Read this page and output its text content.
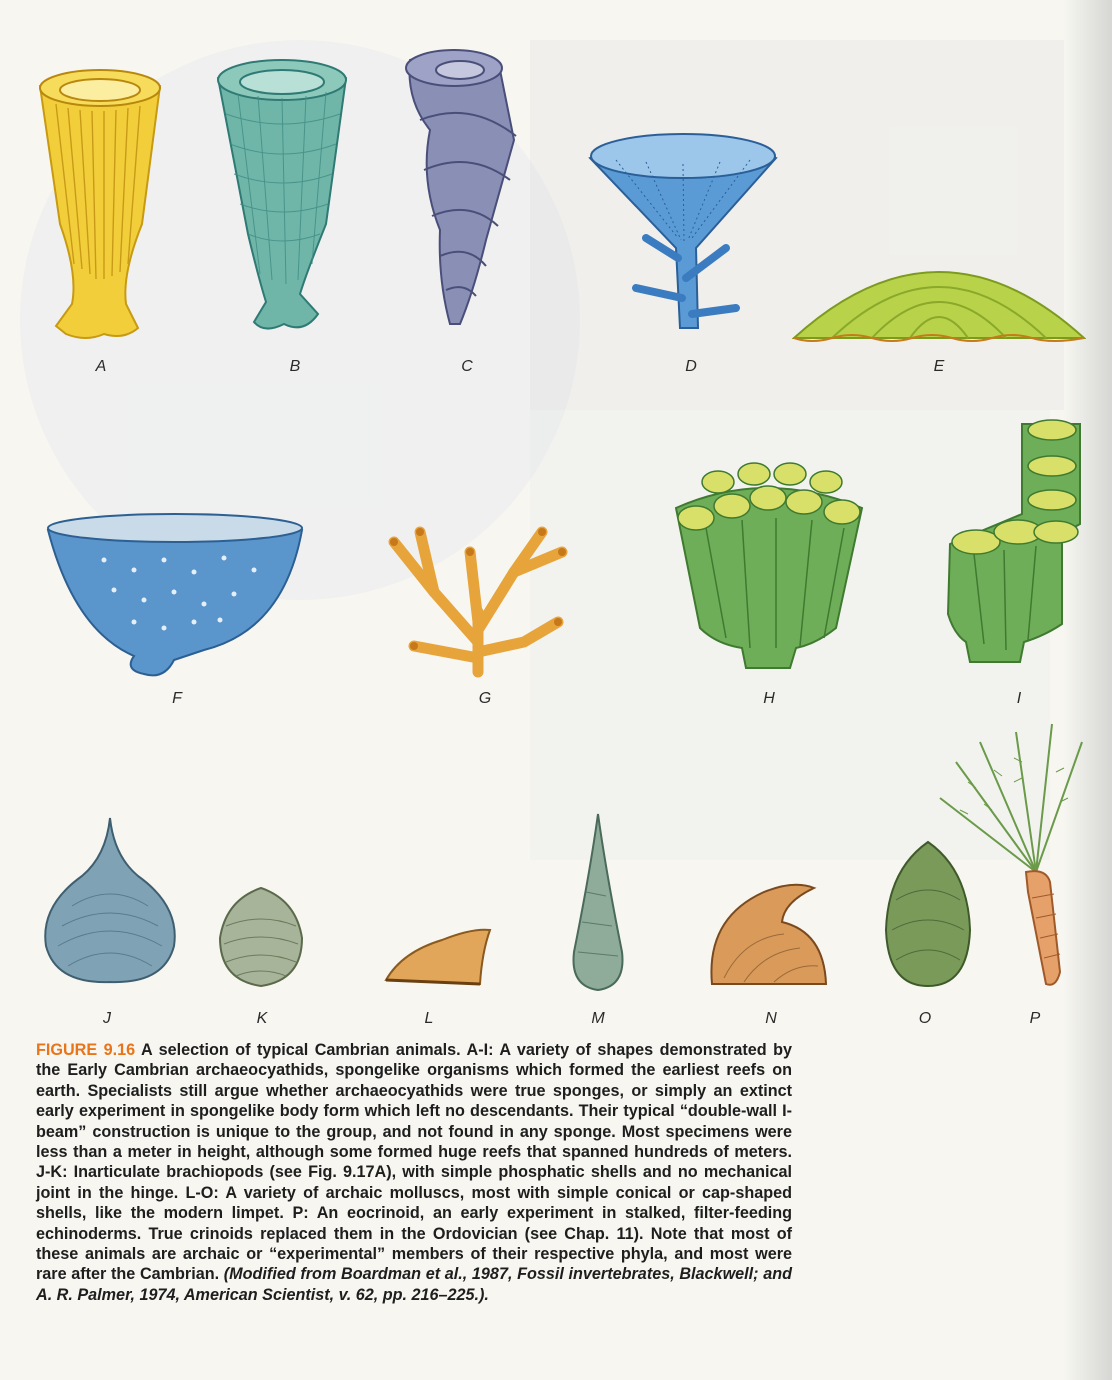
A	B	C	D	E
F	G	H	I
J	K	L	M	N	O	P
FIGURE 9.16 A selection of typical Cambrian animals. A-I: A variety of shapes demonstrated by the Early Cambrian archaeocyathids, spongelike organisms which formed the earliest reefs on earth. Specialists still argue whether archaeocyathids were true sponges, or simply an extinct early experiment in spongelike body form which left no descendants. Their typical “double-wall I-beam” construction is unique to the group, and not found in any sponge. Most specimens were less than a meter in height, although some formed huge reefs that spanned hundreds of meters. J-K: Inarticulate brachiopods (see Fig. 9.17A), with simple phosphatic shells and no mechanical joint in the hinge. L-O: A variety of archaic molluscs, most with simple conical or cap-shaped shells, like the modern limpet. P: An eocrinoid, an early experiment in stalked, filter-feeding echinoderms. True crinoids replaced them in the Ordovician (see Chap. 11). Note that most of these animals are archaic or “experimental” members of their respective phyla, and most were rare after the Cambrian. (Modified from Boardman et al., 1987, Fossil invertebrates, Blackwell; and A. R. Palmer, 1974, American Scientist, v. 62, pp. 216–225.).
